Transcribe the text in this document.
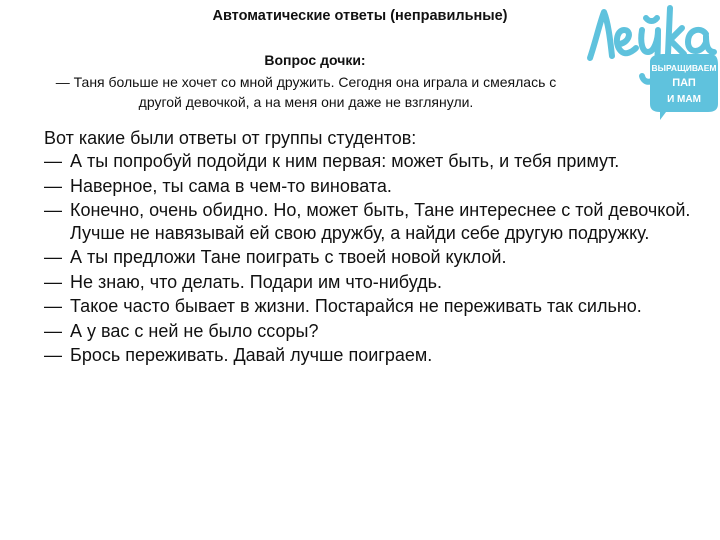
Автоматические ответы (неправильные)
Вопрос дочки:
— Таня больше не хочет со мной дружить. Сегодня она играла и смеялась с
другой девочкой, а на меня они даже не взглянули.
ВЫРАЩИВАЕМ
ПАП
И МАМ
Вот какие были ответы от группы студентов:
— А ты попробуй подойди к ним первая: может быть, и тебя примут.
— Наверное, ты сама в чем‑то виновата.
— Конечно, очень обидно. Но, может быть, Тане интереснее с той девочкой. Лучше не навязывай ей свою дружбу, а найди себе другую подружку.
— А ты предложи Тане поиграть с твоей новой куклой.
— Не знаю, что делать. Подари им что‑нибудь.
— Такое часто бывает в жизни. Постарайся не переживать так сильно.
— А у вас с ней не было ссоры?
— Брось переживать. Давай лучше поиграем.
